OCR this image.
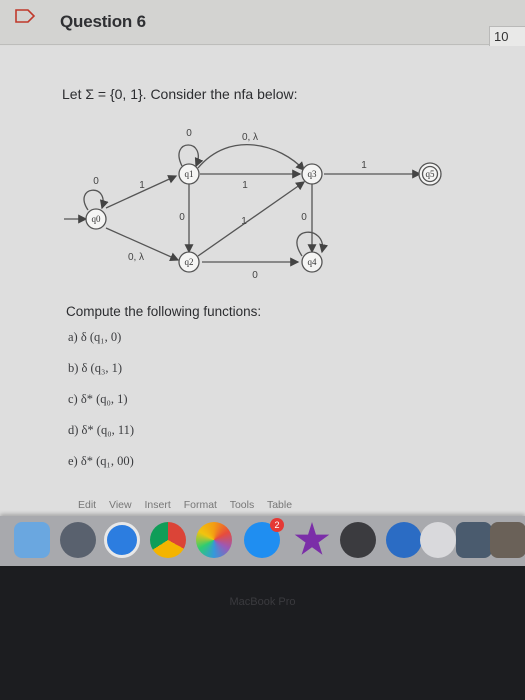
Question 6
10
Let Σ = {0, 1}. Consider the nfa below:
q0
q1
q2
q3
q4
q5
0	1
0, λ
0	0, λ
0
1
1
0
0
1
Compute the following functions:
a) δ (q₁, 0)
b) δ (q₃, 1)
c) δ* (q₀, 1)
d) δ* (q₀, 11)
e) δ* (q₁, 00)
Edit View Insert Format Tools Table
2
MacBook Pro
